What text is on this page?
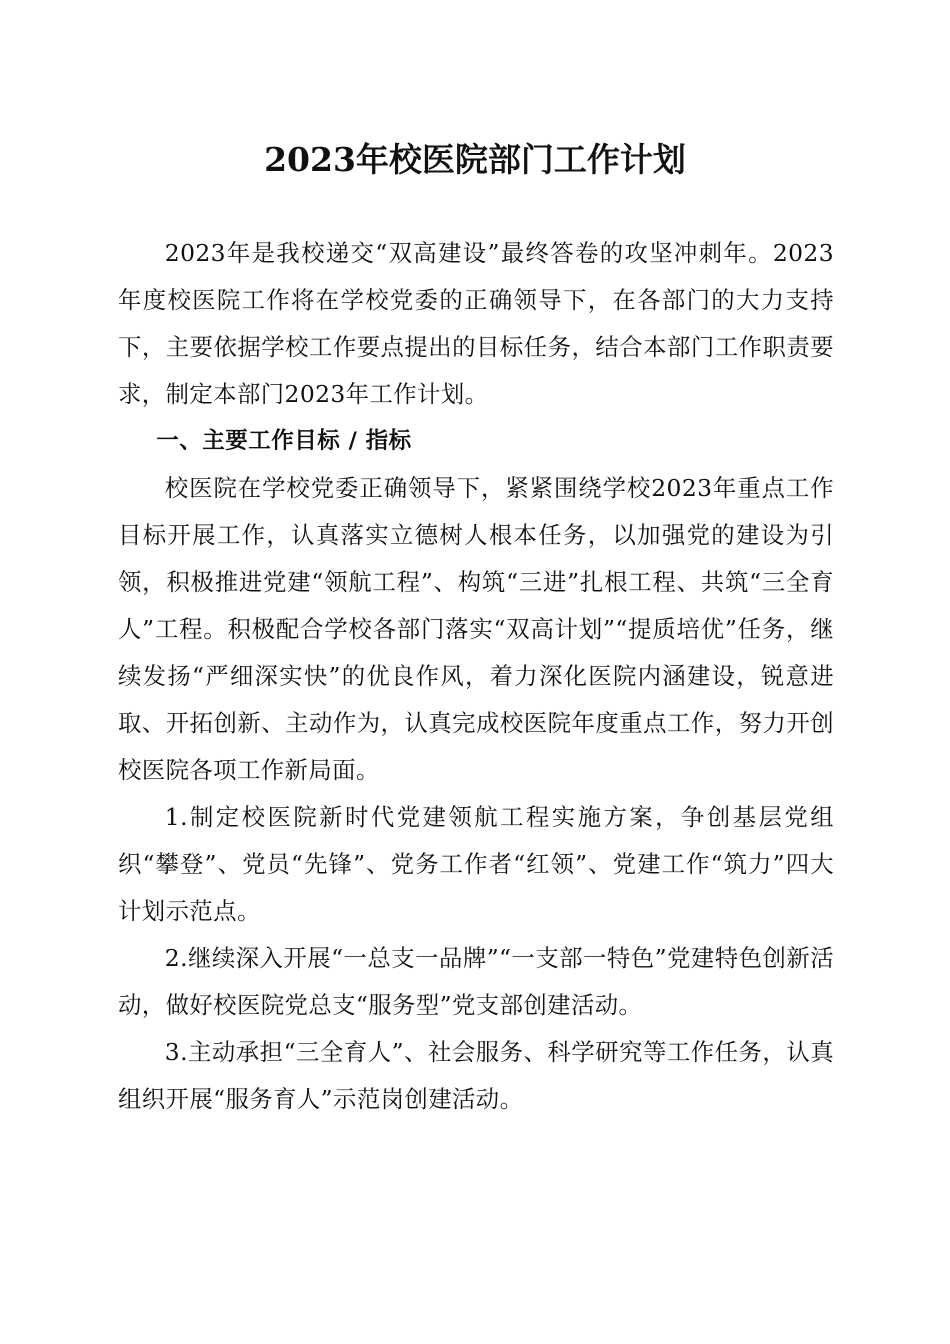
2023年校医院部门工作计划

2023年是我校递交“双高建设”最终答卷的攻坚冲刺年。2023年度校医院工作将在学校党委的正确领导下，在各部门的大力支持下，主要依据学校工作要点提出的目标任务，结合本部门工作职责要求，制定本部门2023年工作计划。

一、主要工作目标 / 指标

校医院在学校党委正确领导下，紧紧围绕学校2023年重点工作目标开展工作，认真落实立德树人根本任务，以加强党的建设为引领，积极推进党建“领航工程”、构筑“三进”扎根工程、共筑“三全育人”工程。积极配合学校各部门落实“双高计划”“提质培优”任务，继续发扬“严细深实快”的优良作风，着力深化医院内涵建设，锐意进取、开拓创新、主动作为，认真完成校医院年度重点工作，努力开创校医院各项工作新局面。

1.制定校医院新时代党建领航工程实施方案，争创基层党组织“攀登”、党员“先锋”、党务工作者“红领”、党建工作“筑力”四大计划示范点。

2.继续深入开展“一总支一品牌”“一支部一特色”党建特色创新活动，做好校医院党总支“服务型”党支部创建活动。

3.主动承担“三全育人”、社会服务、科学研究等工作任务，认真组织开展“服务育人”示范岗创建活动。
